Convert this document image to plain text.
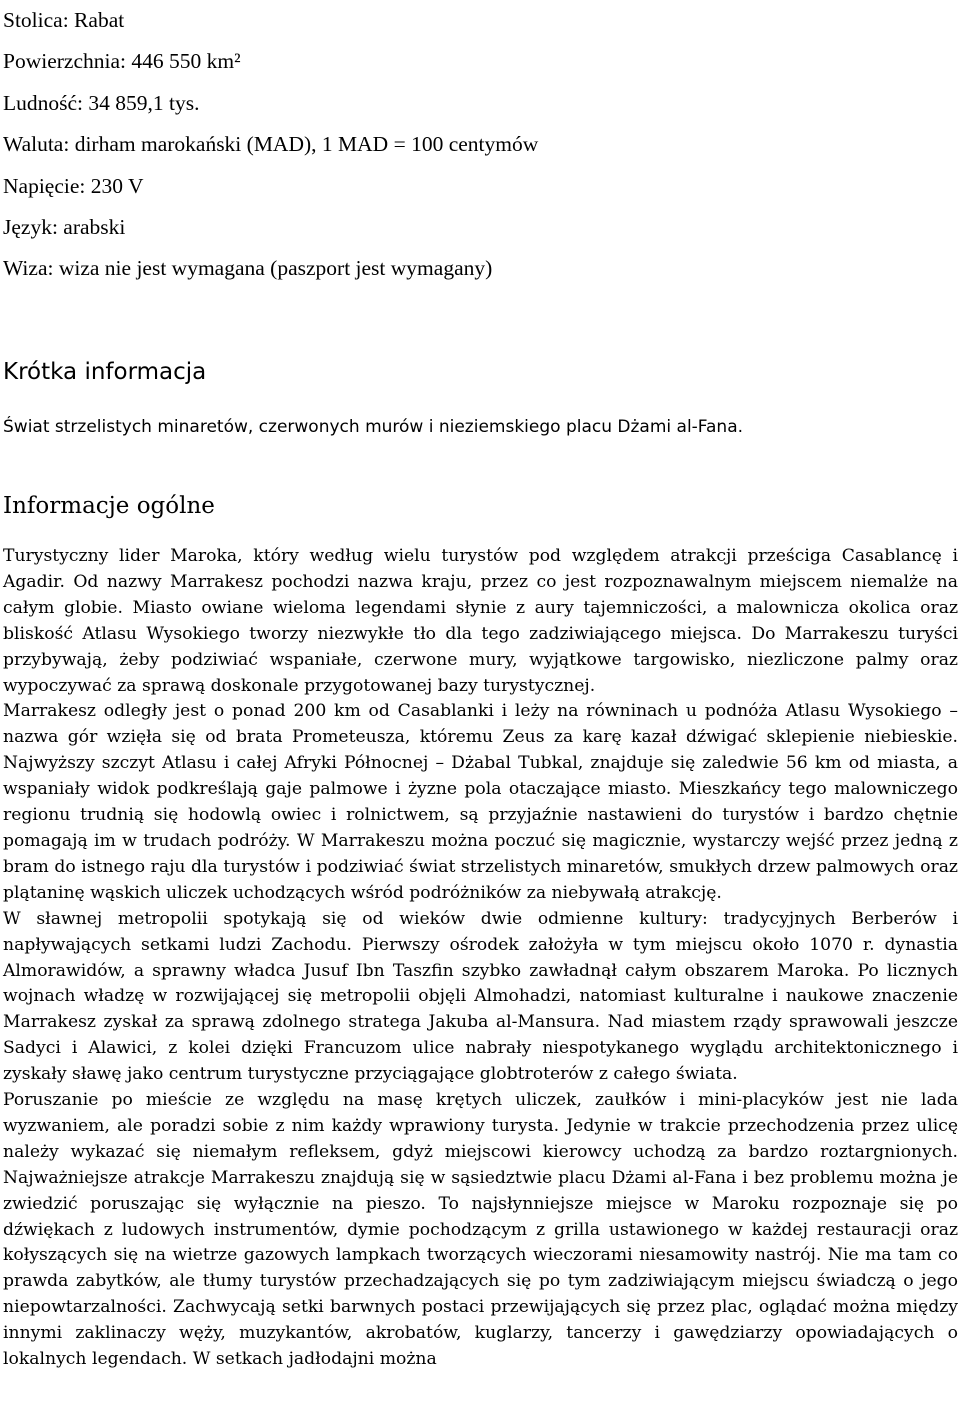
Stolica: Rabat
Powierzchnia: 446 550 km²
Ludność: 34 859,1 tys.
Waluta: dirham marokański (MAD), 1 MAD = 100 centymów
Napięcie: 230 V
Język: arabski
Wiza: wiza nie jest wymagana (paszport jest wymagany)
Krótka informacja
Świat strzelistych minaretów, czerwonych murów i nieziemskiego placu Dżami al-Fana.
Informacje ogólne

Turystyczny lider Maroka, który według wielu turystów pod względem atrakcji prześciga Casablancę i Agadir. Od nazwy Marrakesz pochodzi nazwa kraju, przez co jest rozpoznawalnym miejscem niemalże na całym globie. Miasto owiane wieloma legendami słynie z aury tajemniczości, a malownicza okolica oraz bliskość Atlasu Wysokiego tworzy niezwykłe tło dla tego zadziwiającego miejsca. Do Marrakeszu turyści przybywają, żeby podziwiać wspaniałe, czerwone mury, wyjątkowe targowisko, niezliczone palmy oraz wypoczywać za sprawą doskonale przygotowanej bazy turystycznej.

Marrakesz odległy jest o ponad 200 km od Casablanki i leży na równinach u podnóża Atlasu Wysokiego – nazwa gór wzięła się od brata Prometeusza, któremu Zeus za karę kazał dźwigać sklepienie niebieskie. Najwyższy szczyt Atlasu i całej Afryki Północnej – Dżabal Tubkal, znajduje się zaledwie 56 km od miasta, a wspaniały widok podkreślają gaje palmowe i żyzne pola otaczające miasto. Mieszkańcy tego malowniczego regionu trudnią się hodowlą owiec i rolnictwem, są przyjaźnie nastawieni do turystów i bardzo chętnie pomagają im w trudach podróży. W Marrakeszu można poczuć się magicznie, wystarczy wejść przez jedną z bram do istnego raju dla turystów i podziwiać świat strzelistych minaretów, smukłych drzew palmowych oraz plątaninę wąskich uliczek uchodzących wśród podróżników za niebywałą atrakcję.

W sławnej metropolii spotykają się od wieków dwie odmienne kultury: tradycyjnych Berberów i napływających setkami ludzi Zachodu. Pierwszy ośrodek założyła w tym miejscu około 1070 r. dynastia Almorawidów, a sprawny władca Jusuf Ibn Taszfin szybko zawładnął całym obszarem Maroka. Po licznych wojnach władzę w rozwijającej się metropolii objęli Almohadzi, natomiast kulturalne i naukowe znaczenie Marrakesz zyskał za sprawą zdolnego stratega Jakuba al-Mansura. Nad miastem rządy sprawowali jeszcze Sadyci i Alawici, z kolei dzięki Francuzom ulice nabrały niespotykanego wyglądu architektonicznego i zyskały sławę jako centrum turystyczne przyciągające globtroterów z całego świata.

Poruszanie po mieście ze względu na masę krętych uliczek, zaułków i mini-placyków jest nie lada wyzwaniem, ale poradzi sobie z nim każdy wprawiony turysta. Jedynie w trakcie przechodzenia przez ulicę należy wykazać się niemałym refleksem, gdyż miejscowi kierowcy uchodzą za bardzo roztargnionych. Najważniejsze atrakcje Marrakeszu znajdują się w sąsiedztwie placu Dżami al-Fana i bez problemu można je zwiedzić poruszając się wyłącznie na pieszo. To najsłynniejsze miejsce w Maroku rozpoznaje się po dźwiękach z ludowych instrumentów, dymie pochodzącym z grilla ustawionego w każdej restauracji oraz kołyszących się na wietrze gazowych lampkach tworzących wieczorami niesamowity nastrój. Nie ma tam co prawda zabytków, ale tłumy turystów przechadzających się po tym zadziwiającym miejscu świadczą o jego niepowtarzalności. Zachwycają setki barwnych postaci przewijających się przez plac, oglądać można między innymi zaklinaczy węży, muzykantów, akrobatów, kuglarzy, tancerzy i gawędziarzy opowiadających o lokalnych legendach. W setkach jadłodajni można
